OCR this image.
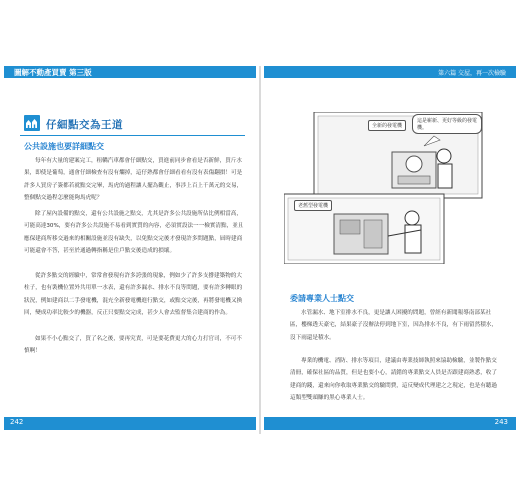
圖解不動產買賣 第三版	第六篇 交屋，再一次檢驗
仔細點交為王道
公共設施也要詳細點交
每年有大量的建案完工，租轎汽車都會仔細點交，買進前同步會看是否新鮮，買斤水果，即使是葡萄，通會仔細檢查有沒有爛掉，這仔熟都會仔細看看有沒有表傷翻損！可是許多人買房子簽都若就點交完畢，馬虎的過程讓人擺為觀止，事涉上百上千萬元的交易，整個點交過程怎麼能夠馬虎呢？
除了屋內設備的點交，還有公共設施之點交，尤其是許多公共設施所佔比例相當高，可能高達30%，要有許多公共設施不易看到實質的內容，必須實設法一一檢實清點，並且應保建商所移交過來的相關設施並沒有缺失，以免點交完後才發現許多問題點，屆時建商可能還會不答，甚至於通過轉指稱是住戶點交後造成的損壞。
從許多點交的經驗中，常常會發現有許多誇張的現象，例如少了許多支撐建築物的大柱子，也有裝機位置外共用單一水表，還有許多漏水、排水不良等問題，要有許多轉眼的狀況，例如建商以二手發電機，混充全新發電機進行點交，或點交完後，再將發電機又換回，變成功率比較少的機器，反正只要點交完成，甚少人會去監督集合建商的作為。
如果不小心點交了，買了名之後，要再究責，可是要花費更大的心力打官司，不可不慎啊！
242
這是嶄新、更好等級的發電機。
全新的發電機
老舊型發電機
委請專業人士點交
水管漏水、地下室排水不良，更是讓人困擾的問題，曾經有新聞報導南部某社區，樓梯透天豪宅，結果豪子沒辦法停到地下室，因為排水不良，有下雨留然積水，沒下雨還是積水。
專業的機電、消防、排水等項目，建議由專業技師執照來協助檢驗，並製作點交清冊，確保社區的品質，但是也要小心，請錯的專業點交人員是否跟建商熟悉，收了建商的錢，還來向你收取專業點交的驗問費，這反變成代理建之之現定，也是有聽過這類型雙頭賺的黑心專業人士。
243
